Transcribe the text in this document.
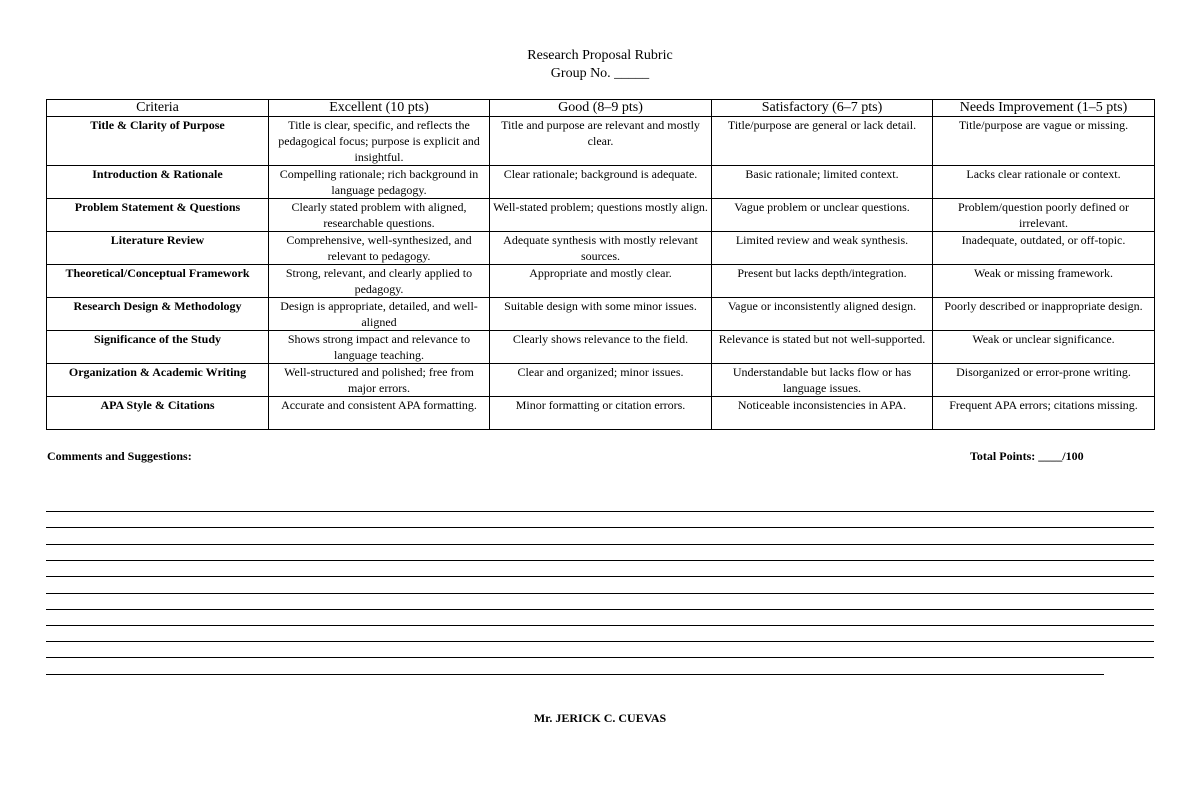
Research Proposal Rubric
Group No. _____
Criteria	Excellent (10 pts)	Good (8–9 pts)	Satisfactory (6–7 pts)	Needs Improvement (1–5 pts)
Title & Clarity of Purpose	Title is clear, specific, and reflects the pedagogical focus; purpose is explicit and insightful.	Title and purpose are relevant and mostly clear.	Title/purpose are general or lack detail.	Title/purpose are vague or missing.
Introduction & Rationale	Compelling rationale; rich background in language pedagogy.	Clear rationale; background is adequate.	Basic rationale; limited context.	Lacks clear rationale or context.
Problem Statement & Questions	Clearly stated problem with aligned, researchable questions.	Well-stated problem; questions mostly align.	Vague problem or unclear questions.	Problem/question poorly defined or irrelevant.
Literature Review	Comprehensive, well-synthesized, and relevant to pedagogy.	Adequate synthesis with mostly relevant sources.	Limited review and weak synthesis.	Inadequate, outdated, or off-topic.
Theoretical/Conceptual Framework	Strong, relevant, and clearly applied to pedagogy.	Appropriate and mostly clear.	Present but lacks depth/integration.	Weak or missing framework.
Research Design & Methodology	Design is appropriate, detailed, and well-aligned	Suitable design with some minor issues.	Vague or inconsistently aligned design.	Poorly described or inappropriate design.
Significance of the Study	Shows strong impact and relevance to language teaching.	Clearly shows relevance to the field.	Relevance is stated but not well-supported.	Weak or unclear significance.
Organization & Academic Writing	Well-structured and polished; free from major errors.	Clear and organized; minor issues.	Understandable but lacks flow or has language issues.	Disorganized or error-prone writing.
APA Style & Citations	Accurate and consistent APA formatting.	Minor formatting or citation errors.	Noticeable inconsistencies in APA.	Frequent APA errors; citations missing.
Comments and Suggestions:	Total Points: ____/100
Mr. JERICK C. CUEVAS
